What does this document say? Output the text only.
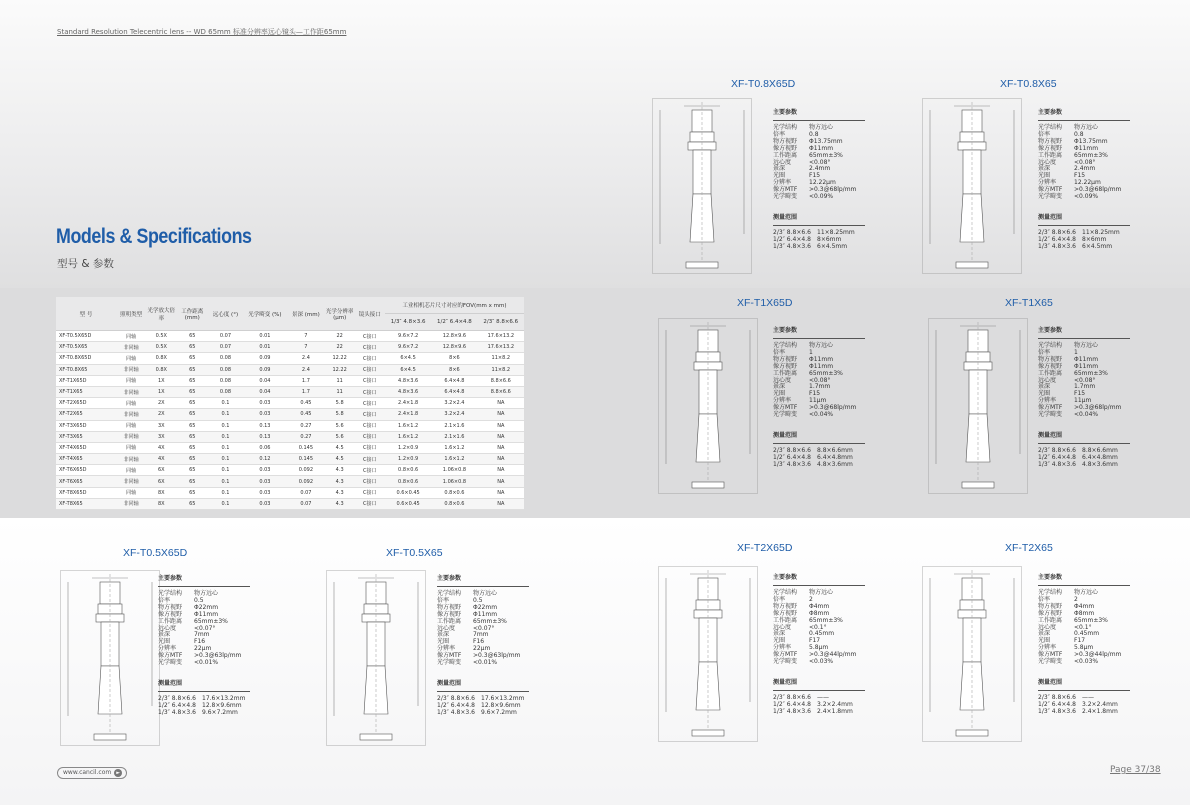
Standard Resolution Telecentric lens -- WD 65mm 标准分辨率远心镜头—工作距65mm
Models & Specifications
型号 & 参数
型 号	照明类型	光学放大倍率	工作距离 (mm)	远心度 (°)	光学畸变 (%)	景深 (mm)	光学分辨率 (μm)	镜头接口	工业相机芯片尺寸对应的FOV(mm x mm)		
									1/3″ 4.8×3.6	1/2″ 6.4×4.8	2/3″ 8.8×6.6
XF-T0.5X65D	同轴	0.5X	65	0.07	0.01	7	22	C接口	9.6×7.2	12.8×9.6	17.6×13.2
XF-T0.5X65	非同轴	0.5X	65	0.07	0.01	7	22	C接口	9.6×7.2	12.8×9.6	17.6×13.2
XF-T0.8X65D	同轴	0.8X	65	0.08	0.09	2.4	12.22	C接口	6×4.5	8×6	11×8.2
XF-T0.8X65	非同轴	0.8X	65	0.08	0.09	2.4	12.22	C接口	6×4.5	8×6	11×8.2
XF-T1X65D	同轴	1X	65	0.08	0.04	1.7	11	C接口	4.8×3.6	6.4×4.8	8.8×6.6
XF-T1X65	非同轴	1X	65	0.08	0.04	1.7	11	C接口	4.8×3.6	6.4×4.8	8.8×6.6
XF-T2X65D	同轴	2X	65	0.1	0.03	0.45	5.8	C接口	2.4×1.8	3.2×2.4	NA
XF-T2X65	非同轴	2X	65	0.1	0.03	0.45	5.8	C接口	2.4×1.8	3.2×2.4	NA
XF-T3X65D	同轴	3X	65	0.1	0.13	0.27	5.6	C接口	1.6×1.2	2.1×1.6	NA
XF-T3X65	非同轴	3X	65	0.1	0.13	0.27	5.6	C接口	1.6×1.2	2.1×1.6	NA
XF-T4X65D	同轴	4X	65	0.1	0.06	0.145	4.5	C接口	1.2×0.9	1.6×1.2	NA
XF-T4X65	非同轴	4X	65	0.1	0.12	0.145	4.5	C接口	1.2×0.9	1.6×1.2	NA
XF-T6X65D	同轴	6X	65	0.1	0.03	0.092	4.3	C接口	0.8×0.6	1.06×0.8	NA
XF-T6X65	非同轴	6X	65	0.1	0.03	0.092	4.3	C接口	0.8×0.6	1.06×0.8	NA
XF-T8X65D	同轴	8X	65	0.1	0.03	0.07	4.3	C接口	0.6×0.45	0.8×0.6	NA
XF-T8X65	非同轴	8X	65	0.1	0.03	0.07	4.3	C接口	0.6×0.45	0.8×0.6	NA
XF-T0.8X65D
主要参数
光学结构	物方远心
倍率	0.8
物方视野	Φ13.75mm
像方视野	Φ11mm
工作距离	65mm±3%
远心度	<0.08°
景深	2.4mm
光圈	F15
分辨率	12.22μm
像方MTF	>0.3@68lp/mm
光学畸变	<0.09%
测量范围
2/3″ 8.8×6.6	11×8.25mm
1/2″ 6.4×4.8	8×6mm
1/3″ 4.8×3.6	6×4.5mm
XF-T0.8X65
主要参数
光学结构	物方远心
倍率	0.8
物方视野	Φ13.75mm
像方视野	Φ11mm
工作距离	65mm±3%
远心度	<0.08°
景深	2.4mm
光圈	F15
分辨率	12.22μm
像方MTF	>0.3@68lp/mm
光学畸变	<0.09%
测量范围
2/3″ 8.8×6.6	11×8.25mm
1/2″ 6.4×4.8	8×6mm
1/3″ 4.8×3.6	6×4.5mm
XF-T1X65D
主要参数
光学结构	物方远心
倍率	1
物方视野	Φ11mm
像方视野	Φ11mm
工作距离	65mm±3%
远心度	<0.08°
景深	1.7mm
光圈	F15
分辨率	11μm
像方MTF	>0.3@68lp/mm
光学畸变	<0.04%
测量范围
2/3″ 8.8×6.6	8.8×6.6mm
1/2″ 6.4×4.8	6.4×4.8mm
1/3″ 4.8×3.6	4.8×3.6mm
XF-T1X65
主要参数
光学结构	物方远心
倍率	1
物方视野	Φ11mm
像方视野	Φ11mm
工作距离	65mm±3%
远心度	<0.08°
景深	1.7mm
光圈	F15
分辨率	11μm
像方MTF	>0.3@68lp/mm
光学畸变	<0.04%
测量范围
2/3″ 8.8×6.6	8.8×6.6mm
1/2″ 6.4×4.8	6.4×4.8mm
1/3″ 4.8×3.6	4.8×3.6mm
XF-T0.5X65D
主要参数
光学结构	物方远心
倍率	0.5
物方视野	Φ22mm
像方视野	Φ11mm
工作距离	65mm±3%
远心度	<0.07°
景深	7mm
光圈	F16
分辨率	22μm
像方MTF	>0.3@63lp/mm
光学畸变	<0.01%
测量范围
2/3″ 8.8×6.6	17.6×13.2mm
1/2″ 6.4×4.8	12.8×9.6mm
1/3″ 4.8×3.6	9.6×7.2mm
XF-T0.5X65
主要参数
光学结构	物方远心
倍率	0.5
物方视野	Φ22mm
像方视野	Φ11mm
工作距离	65mm±3%
远心度	<0.07°
景深	7mm
光圈	F16
分辨率	22μm
像方MTF	>0.3@63lp/mm
光学畸变	<0.01%
测量范围
2/3″ 8.8×6.6	17.6×13.2mm
1/2″ 6.4×4.8	12.8×9.6mm
1/3″ 4.8×3.6	9.6×7.2mm
XF-T2X65D
主要参数
光学结构	物方远心
倍率	2
物方视野	Φ4mm
像方视野	Φ8mm
工作距离	65mm±3%
远心度	<0.1°
景深	0.45mm
光圈	F17
分辨率	5.8μm
像方MTF	>0.3@44lp/mm
光学畸变	<0.03%
测量范围
2/3″ 8.8×6.6	——
1/2″ 6.4×4.8	3.2×2.4mm
1/3″ 4.8×3.6	2.4×1.8mm
XF-T2X65
主要参数
光学结构	物方远心
倍率	2
物方视野	Φ4mm
像方视野	Φ8mm
工作距离	65mm±3%
远心度	<0.1°
景深	0.45mm
光圈	F17
分辨率	5.8μm
像方MTF	>0.3@44lp/mm
光学畸变	<0.03%
测量范围
2/3″ 8.8×6.6	——
1/2″ 6.4×4.8	3.2×2.4mm
1/3″ 4.8×3.6	2.4×1.8mm
www.cancil.com	►	Page 37/38
